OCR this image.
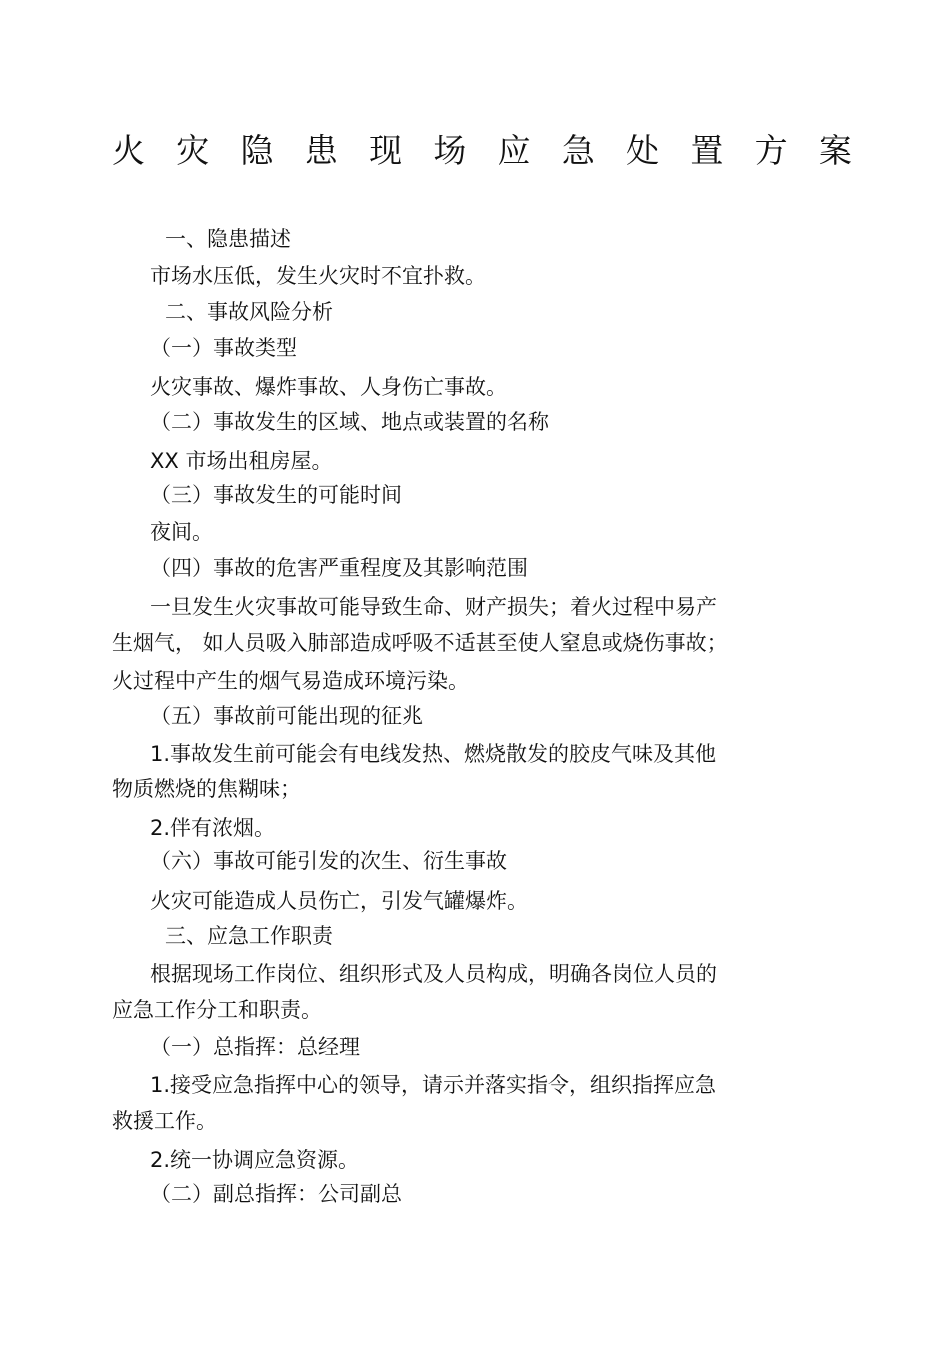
火 灾 隐 患 现 场 应 急 处 置 方 案

一、隐患描述

市场水压低，发生火灾时不宜扑救。

二、事故风险分析

（一）事故类型

火灾事故、爆炸事故、人身伤亡事故。

（二）事故发生的区域、地点或装置的名称

XX 市场出租房屋。

（三）事故发生的可能时间

夜间。

（四）事故的危害严重程度及其影响范围

一旦发生火灾事故可能导致生命、财产损失；着火过程中易产

生烟气， 如人员吸入肺部造成呼吸不适甚至使人窒息或烧伤事故；

火过程中产生的烟气易造成环境污染。

（五）事故前可能出现的征兆

1.事故发生前可能会有电线发热、燃烧散发的胶皮气味及其他

物质燃烧的焦糊味；

2.伴有浓烟。

（六）事故可能引发的次生、衍生事故

火灾可能造成人员伤亡，引发气罐爆炸。

三、应急工作职责

根据现场工作岗位、组织形式及人员构成，明确各岗位人员的

应急工作分工和职责。

（一）总指挥：总经理

1.接受应急指挥中心的领导，请示并落实指令，组织指挥应急

救援工作。

2.统一协调应急资源。

（二）副总指挥：公司副总
